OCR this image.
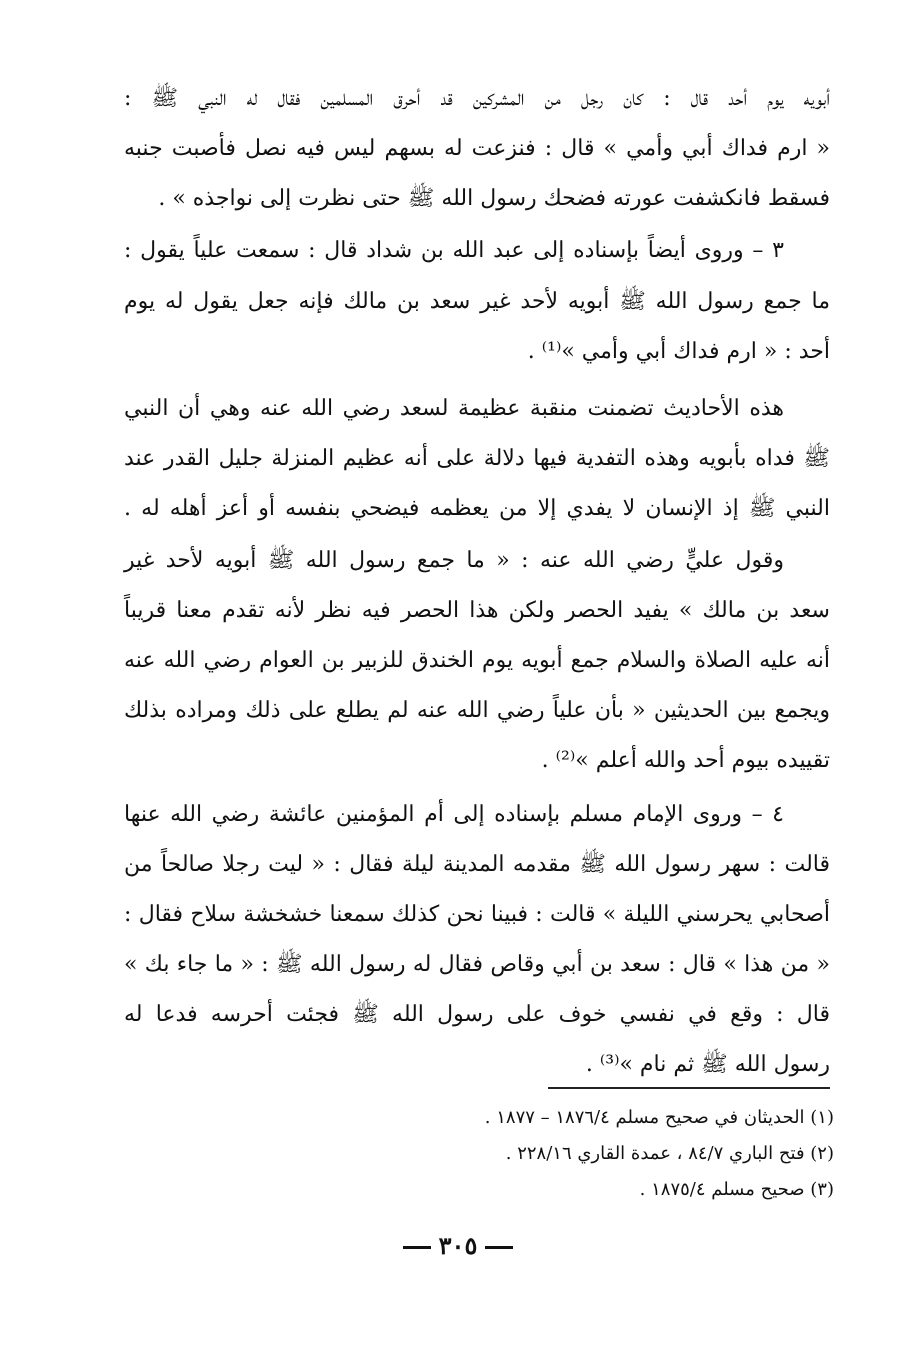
أبويه يوم أحد قال : كان رجل من المشركين قد أحرق المسلمين فقال له النبي ﷺ :
« ارم فداك أبي وأمي » قال : فنزعت له بسهم ليس فيه نصل فأصبت جنبه
فسقط فانكشفت عورته فضحك رسول الله ﷺ حتى نظرت إلى نواجذه » .
٣ – وروى أيضاً بإسناده إلى عبد الله بن شداد قال : سمعت علياً يقول :
ما جمع رسول الله ﷺ أبويه لأحد غير سعد بن مالك فإنه جعل يقول له يوم
أحد : « ارم فداك أبي وأمي »⁽¹⁾ .
هذه الأحاديث تضمنت منقبة عظيمة لسعد رضي الله عنه وهي أن النبي
ﷺ فداه بأبويه وهذه التفدية فيها دلالة على أنه عظيم المنزلة جليل القدر عند
النبي ﷺ إذ الإنسان لا يفدي إلا من يعظمه فيضحي بنفسه أو أعز أهله له .
وقول عليٍّ رضي الله عنه : « ما جمع رسول الله ﷺ أبويه لأحد غير
سعد بن مالك » يفيد الحصر ولكن هذا الحصر فيه نظر لأنه تقدم معنا قريباً
أنه عليه الصلاة والسلام جمع أبويه يوم الخندق للزبير بن العوام رضي الله عنه
ويجمع بين الحديثين « بأن علياً رضي الله عنه لم يطلع على ذلك ومراده بذلك
تقييده بيوم أحد والله أعلم »⁽²⁾ .
٤ – وروى الإمام مسلم بإسناده إلى أم المؤمنين عائشة رضي الله عنها
قالت : سهر رسول الله ﷺ مقدمه المدينة ليلة فقال : « ليت رجلا صالحاً من
أصحابي يحرسني الليلة » قالت : فبينا نحن كذلك سمعنا خشخشة سلاح فقال :
« من هذا » قال : سعد بن أبي وقاص فقال له رسول الله ﷺ : « ما جاء بك »
قال : وقع في نفسي خوف على رسول الله ﷺ فجئت أحرسه فدعا له
رسول الله ﷺ ثم نام »⁽³⁾ .
(١) الحديثان في صحيح مسلم ١٨٧٦/٤ – ١٨٧٧ .
(٢) فتح الباري ٨٤/٧ ، عمدة القاري ٢٢٨/١٦ .
(٣) صحيح مسلم ١٨٧٥/٤ .
٣٠٥
